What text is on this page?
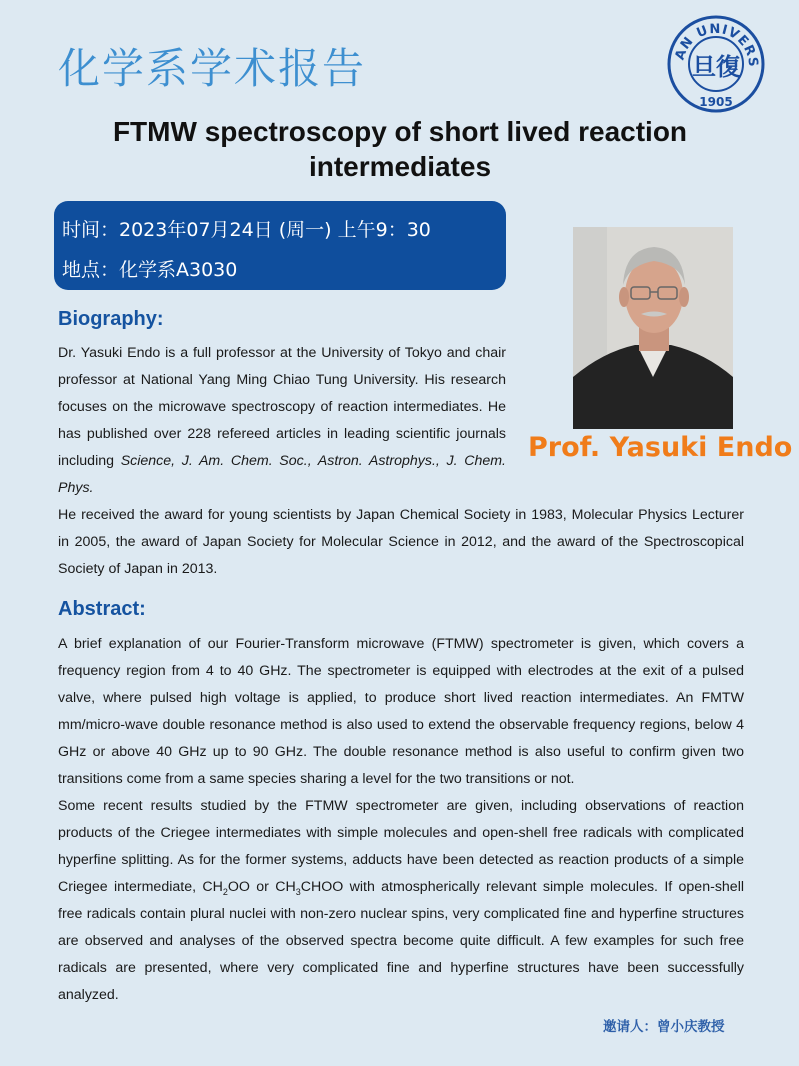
化学系学术报告	AN UNIVERS
1905
旦復
FTMW spectroscopy of short lived reaction intermediates
时间：2023年07月24日 (周一) 上午9：30
地点：化学系A3030
Prof. Yasuki Endo
Biography:
Dr. Yasuki Endo is a full professor at the University of Tokyo and chair professor at National Yang Ming Chiao Tung University. His research focuses on the microwave spectroscopy of reaction intermediates. He has published over 228 refereed articles in leading scientific journals including Science, J. Am. Chem. Soc., Astron. Astrophys., J. Chem. Phys.
He received the award for young scientists by Japan Chemical Society in 1983, Molecular Physics Lecturer in 2005, the award of Japan Society for Molecular Science in 2012, and the award of the Spectroscopical Society of Japan in 2013.
Abstract:
A brief explanation of our Fourier-Transform microwave (FTMW) spectrometer is given, which covers a frequency region from 4 to 40 GHz. The spectrometer is equipped with electrodes at the exit of a pulsed valve, where pulsed high voltage is applied, to produce short lived reaction intermediates. An FMTW mm/micro-wave double resonance method is also used to extend the observable frequency regions, below 4 GHz or above 40 GHz up to 90 GHz. The double resonance method is also useful to confirm given two transitions come from a same species sharing a level for the two transitions or not.
Some recent results studied by the FTMW spectrometer are given, including observations of reaction products of the Criegee intermediates with simple molecules and open-shell free radicals with complicated hyperfine splitting. As for the former systems, adducts have been detected as reaction products of a simple Criegee intermediate, $CH_2OO$ or $CH_3CHOO$ with atmospherically relevant simple molecules. If open-shell free radicals contain plural nuclei with non-zero nuclear spins, very complicated fine and hyperfine structures are observed and analyses of the observed spectra become quite difficult. A few examples for such free radicals are presented, where very complicated fine and hyperfine structures have been successfully analyzed.
邀请人：曾小庆教授
